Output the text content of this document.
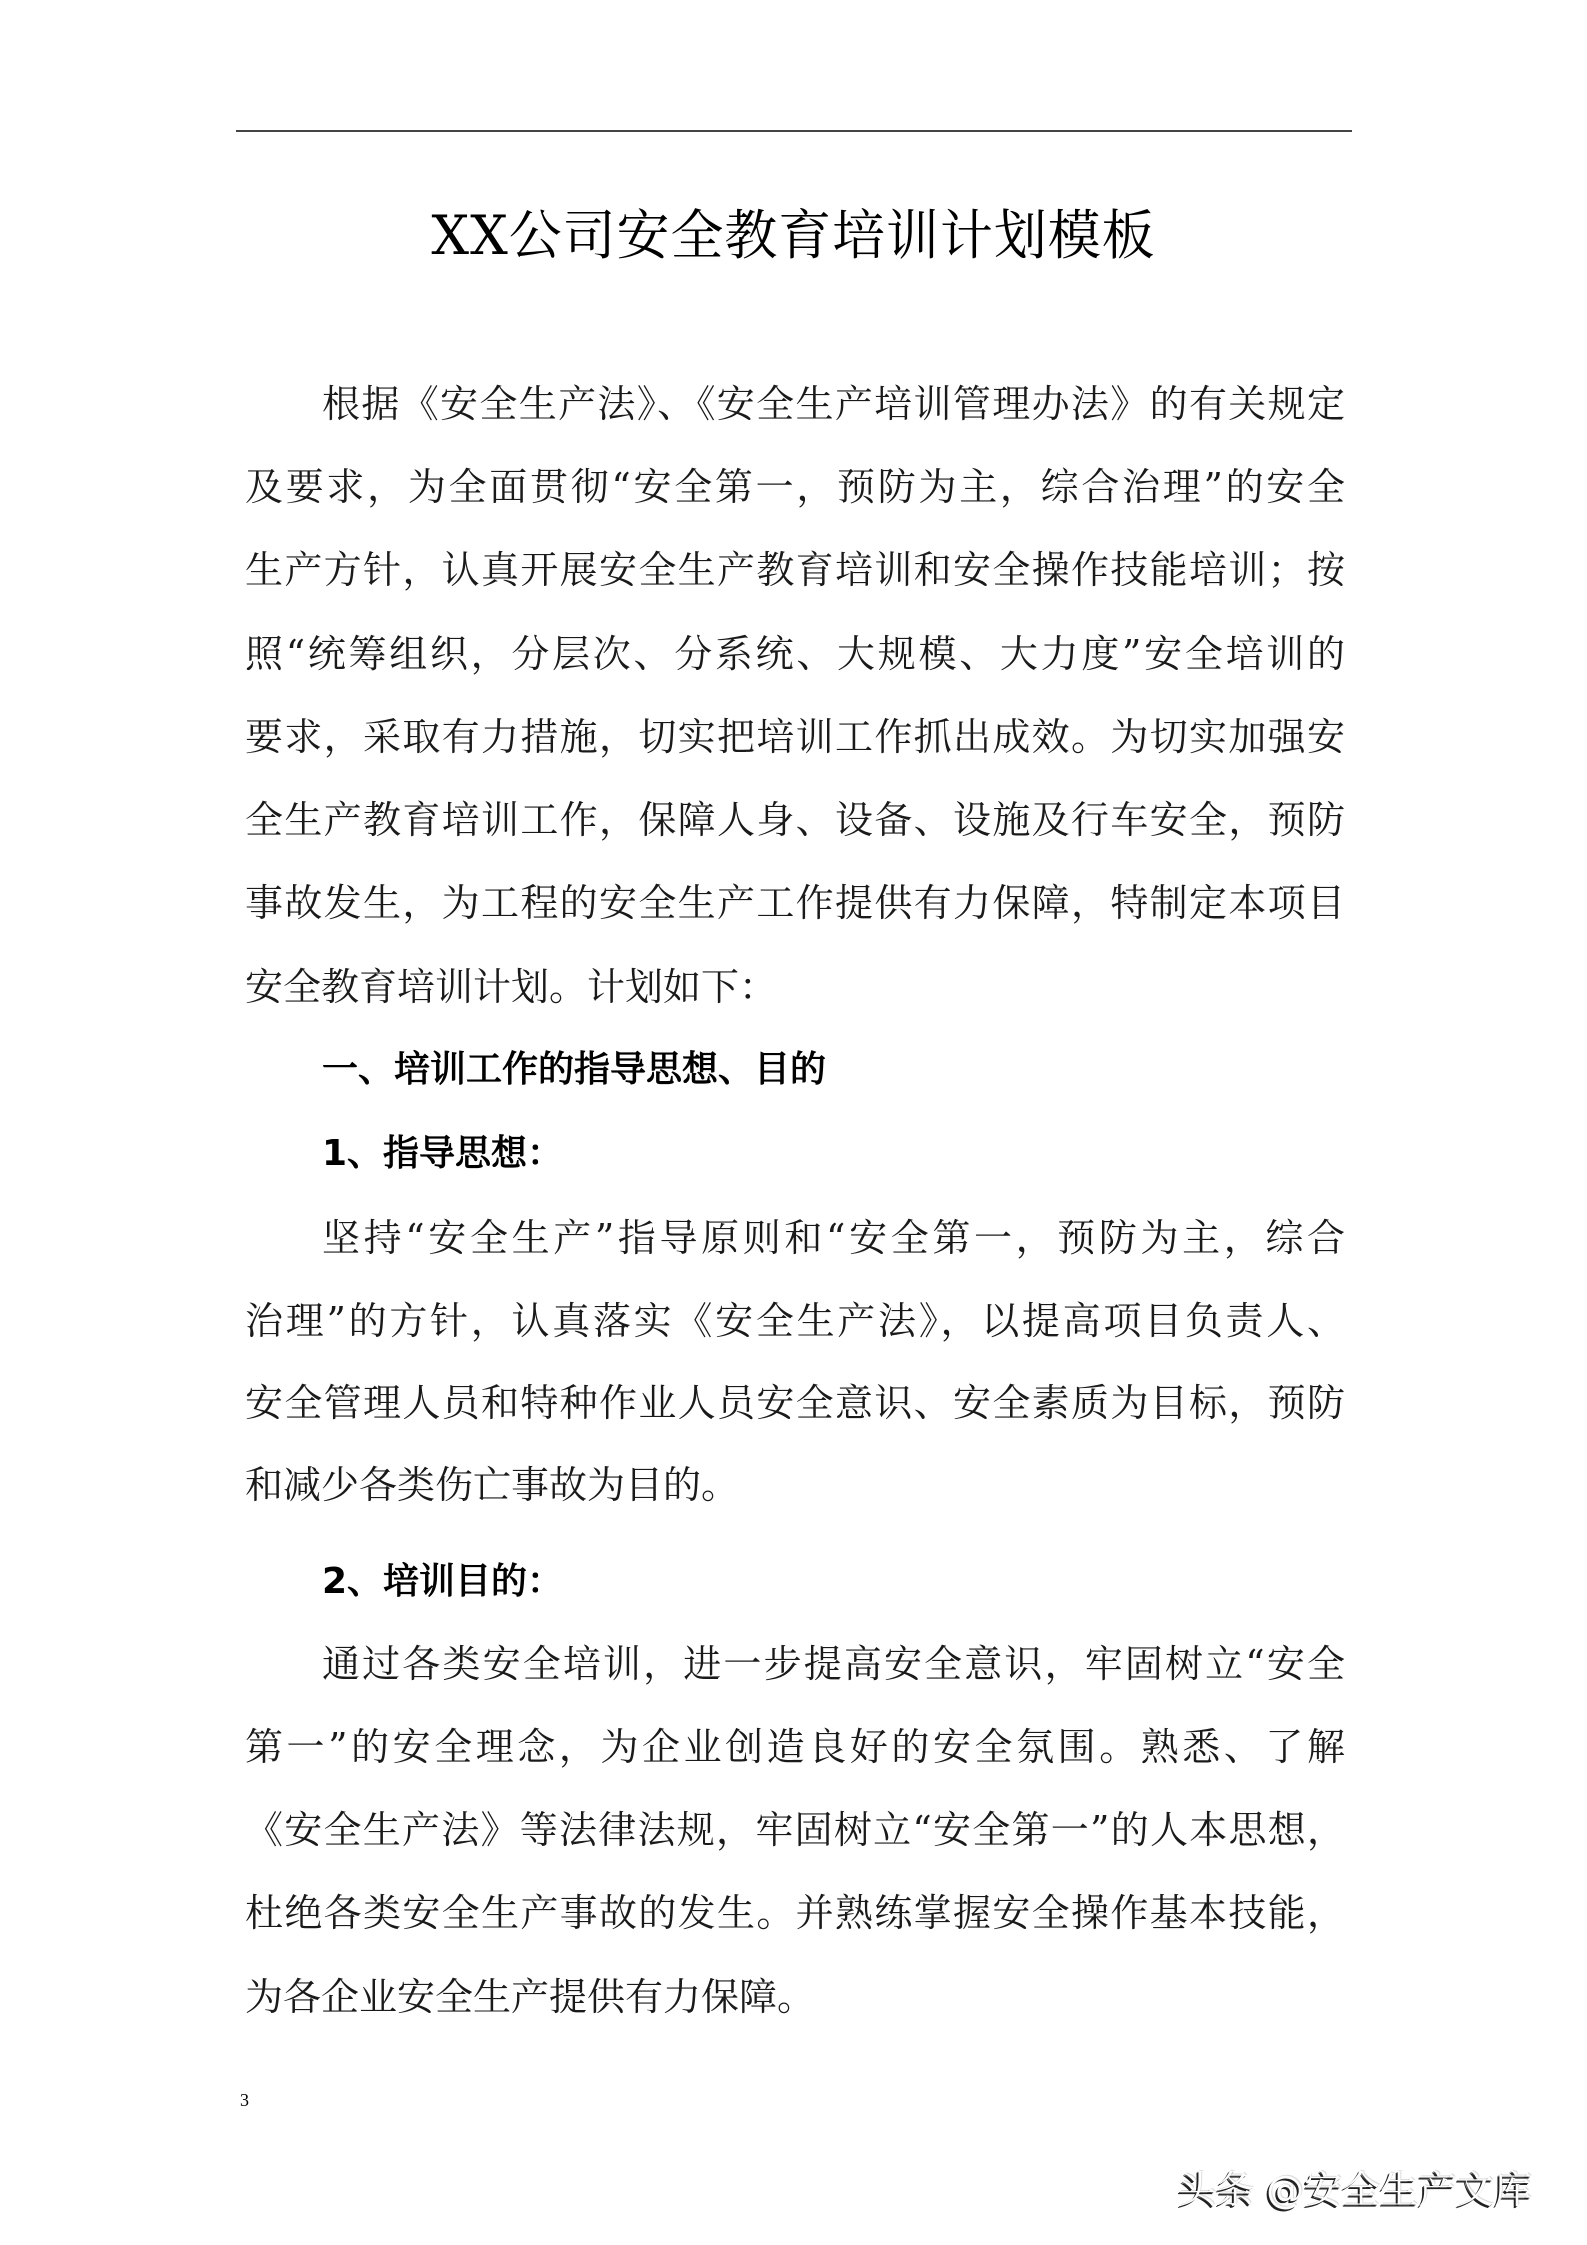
XX公司安全教育培训计划模板
根据《安全生产法》、《安全生产培训管理办法》的有关规定
及要求，为全面贯彻“安全第一，预防为主，综合治理”的安全
生产方针，认真开展安全生产教育培训和安全操作技能培训；按
照“统筹组织，分层次、分系统、大规模、大力度”安全培训的
要求，采取有力措施，切实把培训工作抓出成效。为切实加强安
全生产教育培训工作，保障人身、设备、设施及行车安全，预防
事故发生，为工程的安全生产工作提供有力保障，特制定本项目
安全教育培训计划。计划如下：
一、培训工作的指导思想、目的
1、指导思想：
坚持“安全生产”指导原则和“安全第一，预防为主，综合
治理”的方针，认真落实《安全生产法》，以提高项目负责人、
安全管理人员和特种作业人员安全意识、安全素质为目标，预防
和减少各类伤亡事故为目的。
2、培训目的：
通过各类安全培训，进一步提高安全意识，牢固树立“安全
第一”的安全理念，为企业创造良好的安全氛围。熟悉、了解
《安全生产法》等法律法规，牢固树立“安全第一”的人本思想，
杜绝各类安全生产事故的发生。并熟练掌握安全操作基本技能，
为各企业安全生产提供有力保障。
3
头条 @安全生产文库
